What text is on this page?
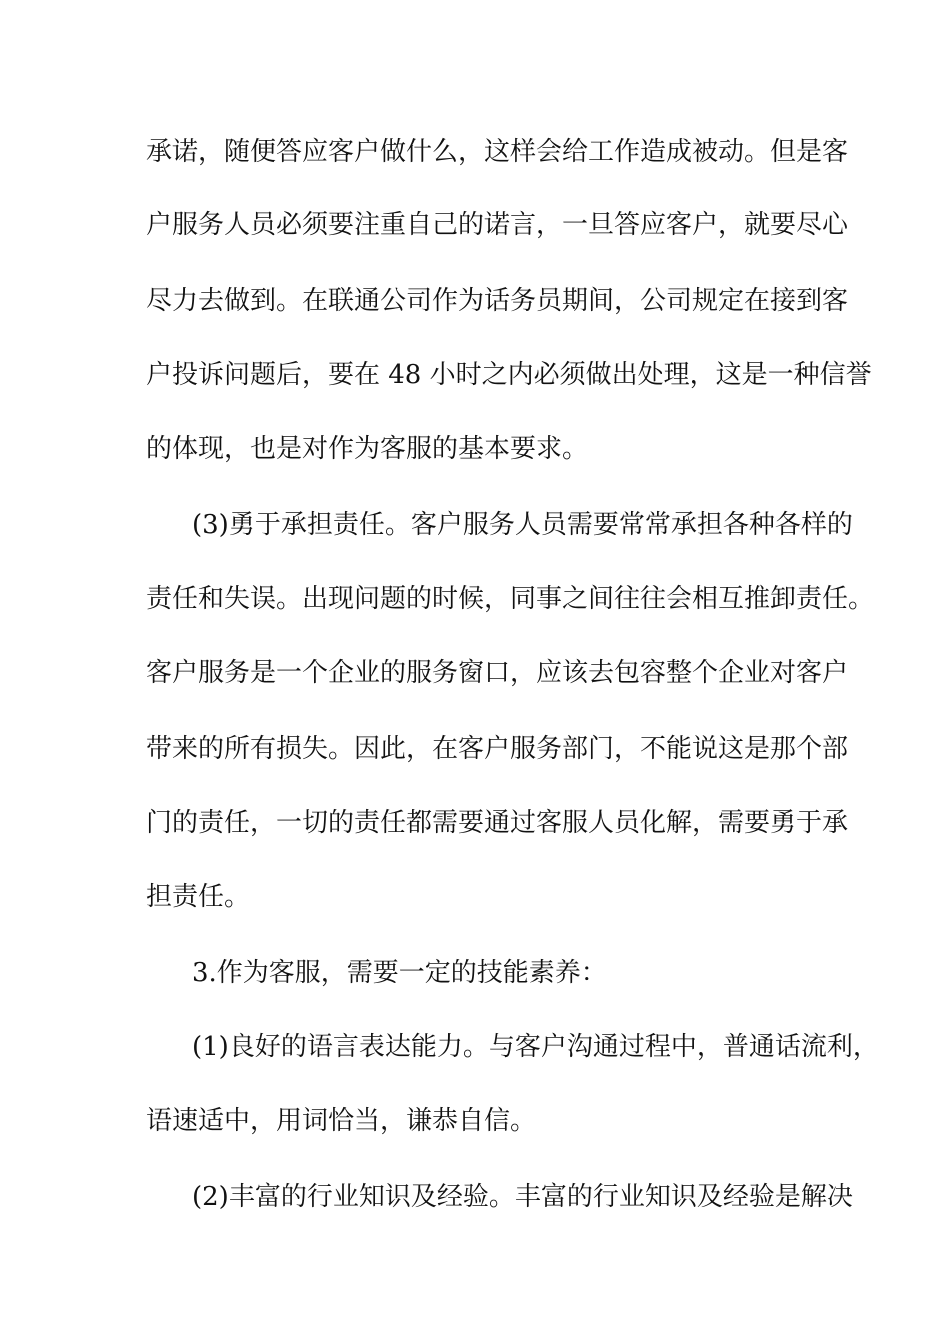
承诺，随便答应客户做什么，这样会给工作造成被动。但是客
户服务人员必须要注重自己的诺言，一旦答应客户，就要尽心
尽力去做到。在联通公司作为话务员期间，公司规定在接到客
户投诉问题后，要在 48 小时之内必须做出处理，这是一种信誉
的体现，也是对作为客服的基本要求。
(3)勇于承担责任。客户服务人员需要常常承担各种各样的
责任和失误。出现问题的时候，同事之间往往会相互推卸责任。
客户服务是一个企业的服务窗口，应该去包容整个企业对客户
带来的所有损失。因此，在客户服务部门，不能说这是那个部
门的责任，一切的责任都需要通过客服人员化解，需要勇于承
担责任。
3.作为客服，需要一定的技能素养：
(1)良好的语言表达能力。与客户沟通过程中，普通话流利，
语速适中，用词恰当，谦恭自信。
(2)丰富的行业知识及经验。丰富的行业知识及经验是解决
